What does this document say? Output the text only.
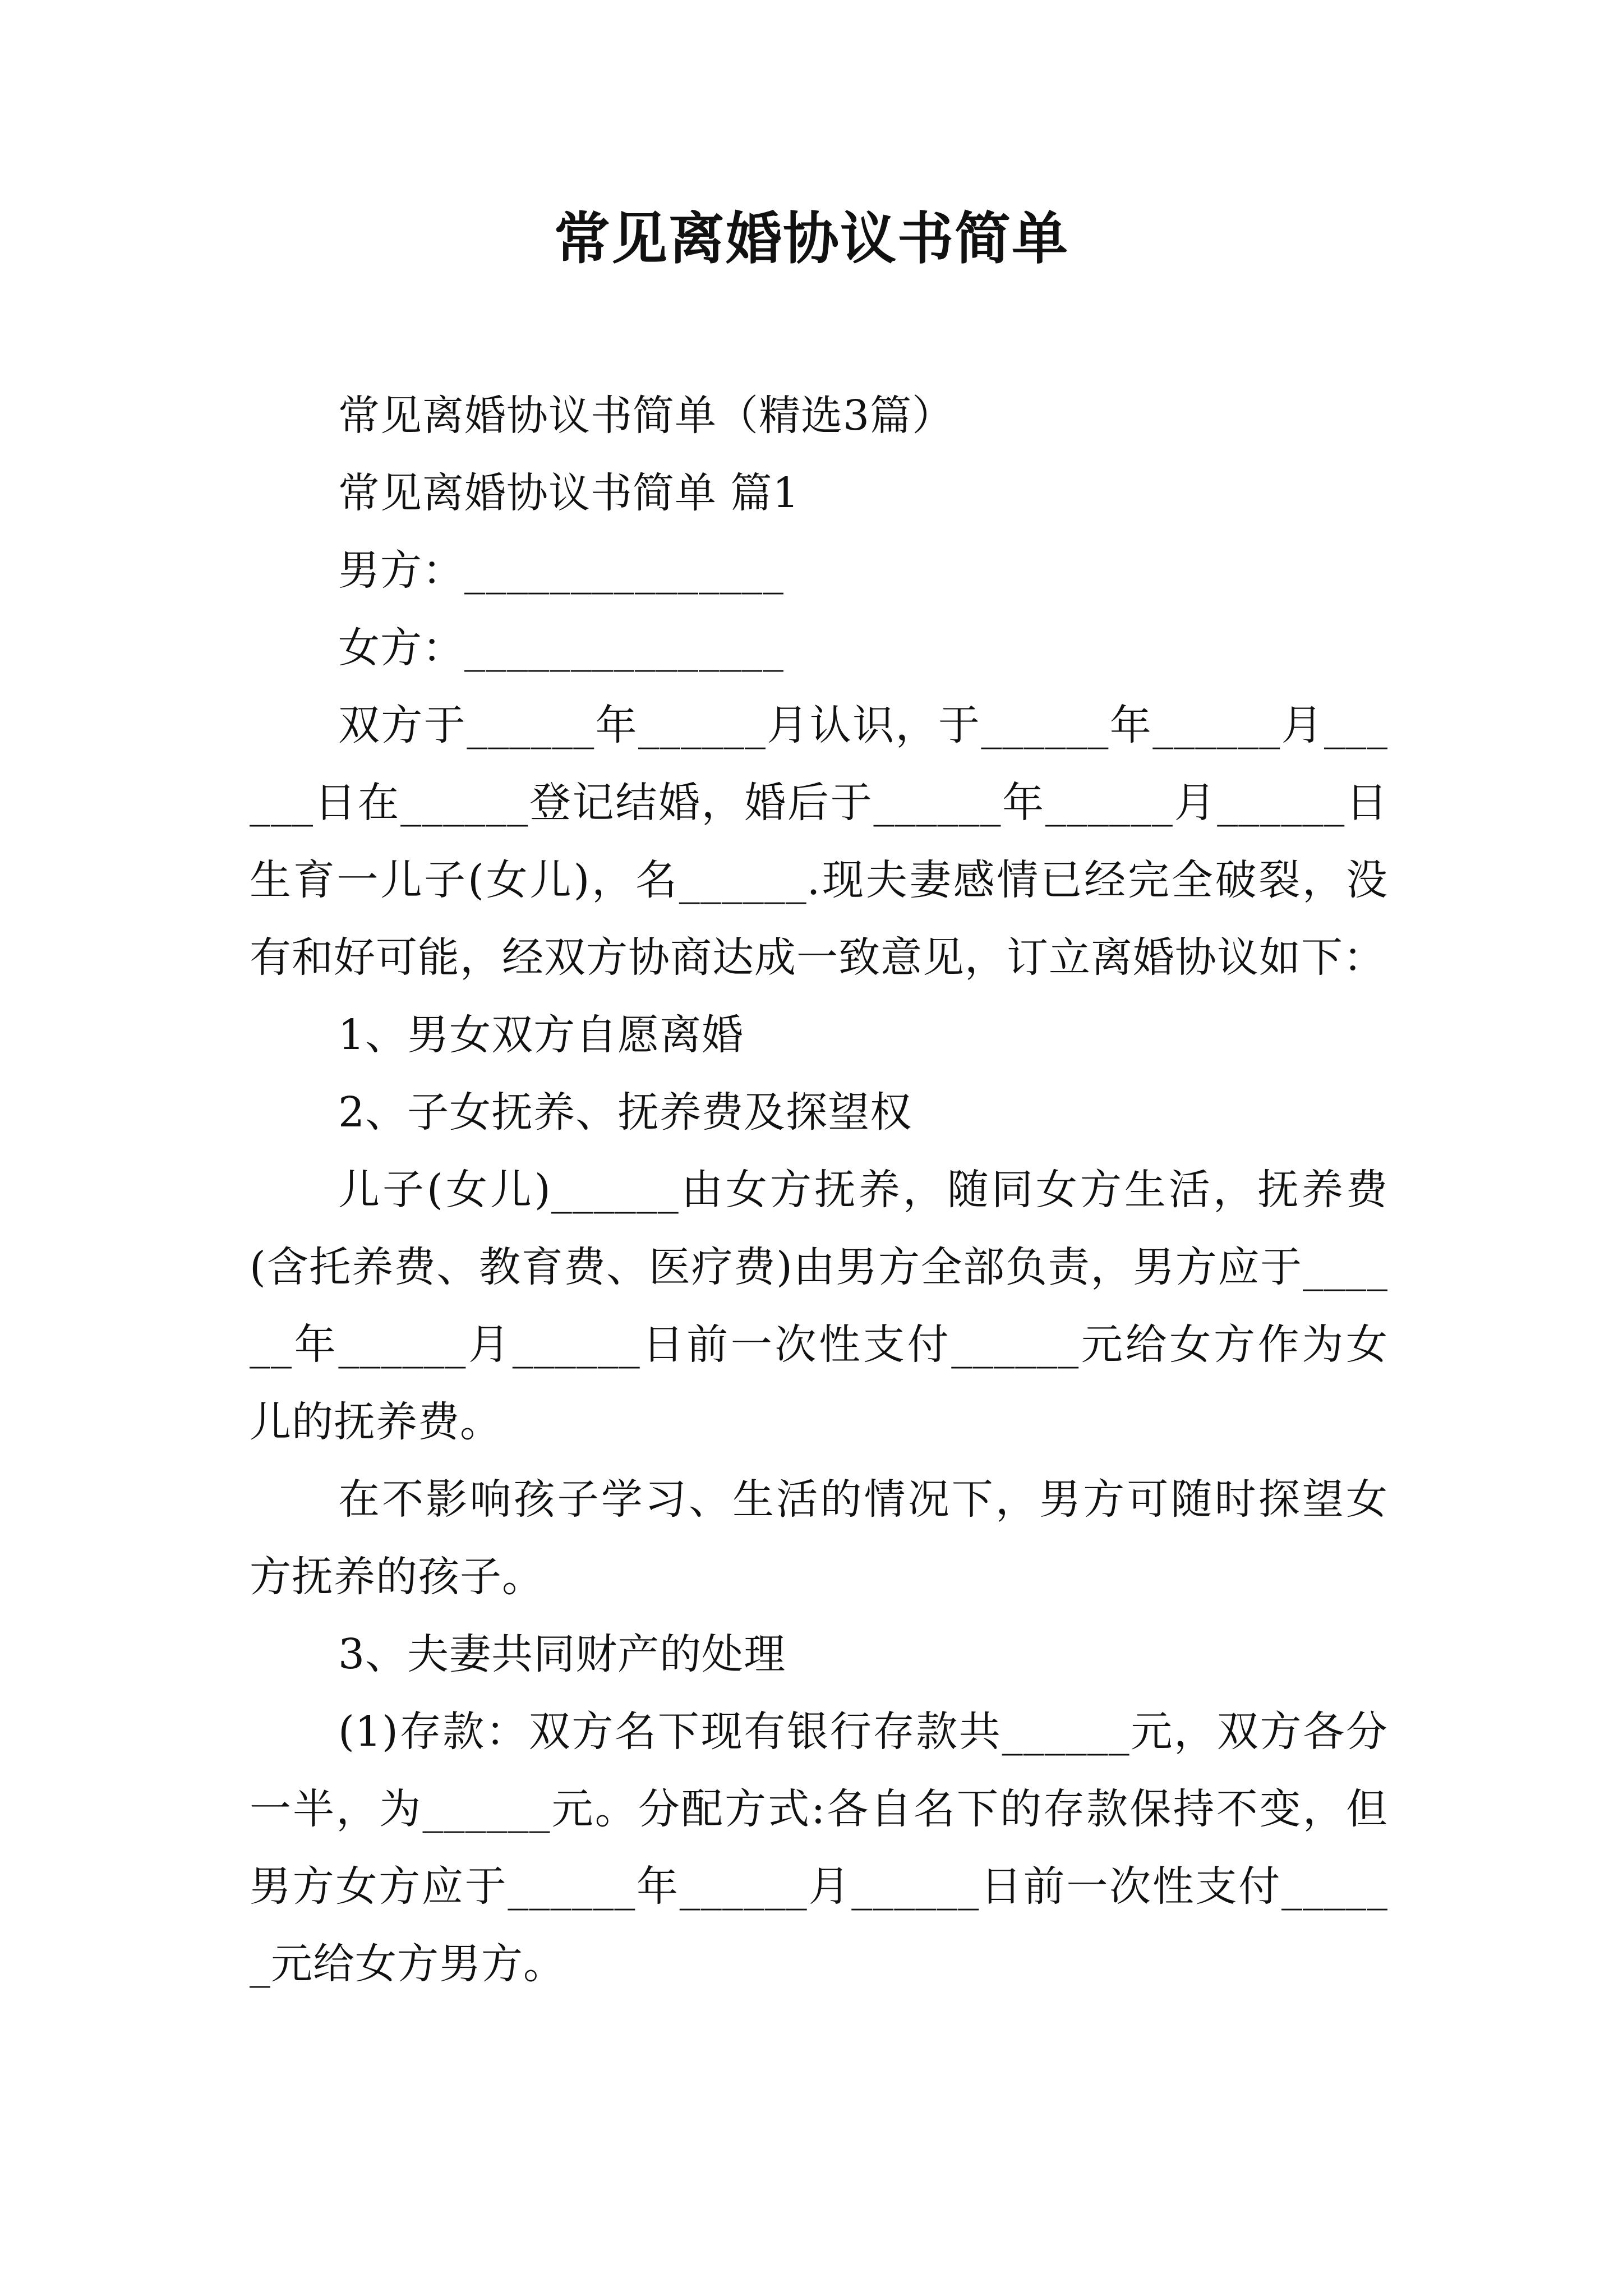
常见离婚协议书简单

常见离婚协议书简单（精选3篇）

常见离婚协议书简单 篇1

男方：_______________

女方：_______________

双方于______年______月认识，于______年______月______日在______登记结婚，婚后于______年______月______日生育一儿子(女儿)，名______.现夫妻感情已经完全破裂，没有和好可能，经双方协商达成一致意见，订立离婚协议如下：

1、男女双方自愿离婚

2、子女抚养、抚养费及探望权

儿子(女儿)______由女方抚养，随同女方生活，抚养费(含托养费、教育费、医疗费)由男方全部负责，男方应于______年______月______日前一次性支付______元给女方作为女儿的抚养费。

在不影响孩子学习、生活的情况下，男方可随时探望女方抚养的孩子。

3、夫妻共同财产的处理

(1)存款：双方名下现有银行存款共______元，双方各分一半，为______元。分配方式:各自名下的存款保持不变，但男方女方应于______年______月______日前一次性支付______元给女方男方。
